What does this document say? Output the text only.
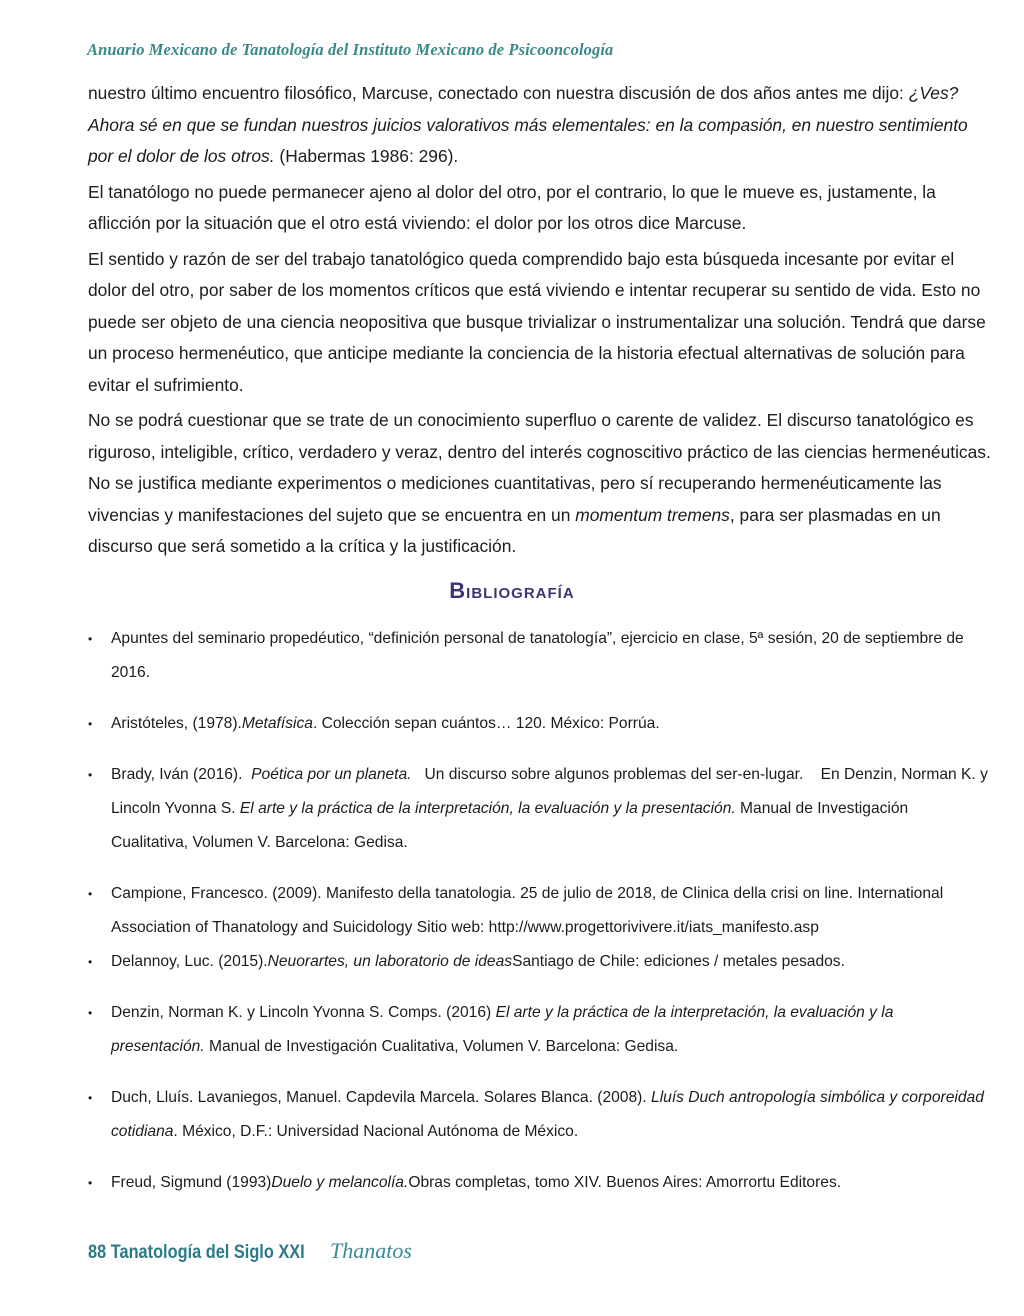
Anuario Mexicano de Tanatología del Instituto Mexicano de Psicooncología

nuestro último encuentro filosófico, Marcuse, conectado con nuestra discusión de dos años antes me dijo: ¿Ves? Ahora sé en que se fundan nuestros juicios valorativos más elementales: en la compasión, en nuestro sentimiento por el dolor de los otros. (Habermas 1986: 296).

El tanatólogo no puede permanecer ajeno al dolor del otro, por el contrario, lo que le mueve es, justamente, la aflicción por la situación que el otro está viviendo: el dolor por los otros dice Marcuse.

El sentido y razón de ser del trabajo tanatológico queda comprendido bajo esta búsqueda incesante por evitar el dolor del otro, por saber de los momentos críticos que está viviendo e intentar recuperar su sentido de vida. Esto no puede ser objeto de una ciencia neopositiva que busque trivializar o instrumentalizar una solución. Tendrá que darse un proceso hermenéutico, que anticipe mediante la conciencia de la historia efectual alternativas de solución para evitar el sufrimiento.

No se podrá cuestionar que se trate de un conocimiento superfluo o carente de validez. El discurso tanatológico es riguroso, inteligible, crítico, verdadero y veraz, dentro del interés cognoscitivo práctico de las ciencias hermenéuticas. No se justifica mediante experimentos o mediciones cuantitativas, pero sí recuperando hermenéuticamente las vivencias y manifestaciones del sujeto que se encuentra en un momentum tremens, para ser plasmadas en un discurso que será sometido a la crítica y la justificación.

Bibliografía
• Apuntes del seminario propedéutico, “definición personal de tanatología”, ejercicio en clase, 5ª sesión, 20 de septiembre de 2016.
• Aristóteles, (1978).Metafísica. Colección sepan cuántos… 120. México: Porrúa.
• Brady, Iván (2016).  Poética por un planeta.   Un discurso sobre algunos problemas del ser-en-lugar.    En Denzin, Norman K. y Lincoln Yvonna S. El arte y la práctica de la interpretación, la evaluación y la presentación. Manual de Investigación Cualitativa, Volumen V. Barcelona: Gedisa.
• Campione, Francesco. (2009). Manifesto della tanatologia. 25 de julio de 2018, de Clinica della crisi on line. International Association of Thanatology and Suicidology Sitio web: http://www.progettorivivere.it/iats_manifesto.asp
• Delannoy, Luc. (2015).Neuorartes, un laboratorio de ideasSantiago de Chile: ediciones / metales pesados.
• Denzin, Norman K. y Lincoln Yvonna S. Comps. (2016) El arte y la práctica de la interpretación, la evaluación y la presentación. Manual de Investigación Cualitativa, Volumen V. Barcelona: Gedisa.
• Duch, Lluís. Lavaniegos, Manuel. Capdevila Marcela. Solares Blanca. (2008). Lluís Duch antropología simbólica y corporeidad cotidiana. México, D.F.: Universidad Nacional Autónoma de México.
• Freud, Sigmund (1993)Duelo y melancolía.Obras completas, tomo XIV. Buenos Aires: Amorrortu Editores.
88 Tanatología del Siglo XXI Thanatos
